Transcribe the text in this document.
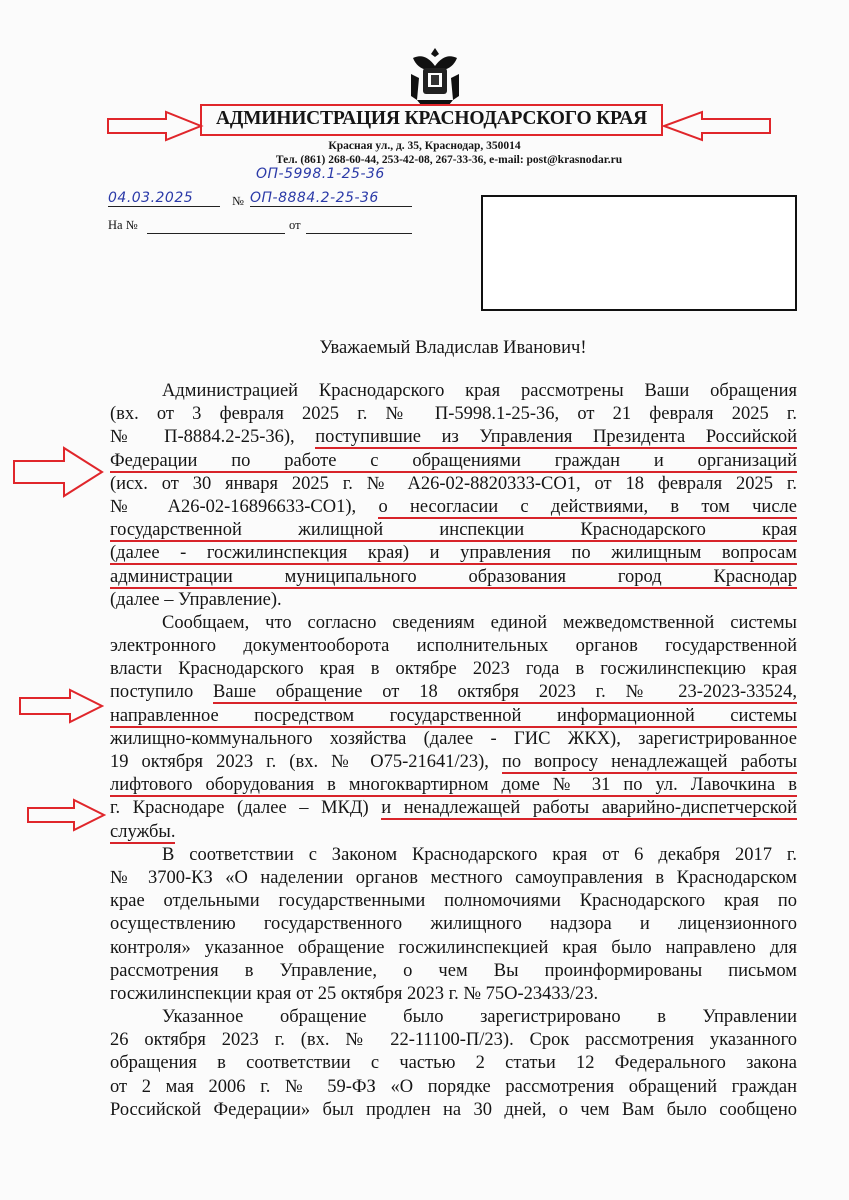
АДМИНИСТРАЦИЯ КРАСНОДАРСКОГО КРАЯ
Красная ул., д. 35, Краснодар, 350014
Тел. (861) 268-60-44, 253-42-08, 267-33-36, e-mail: post@krasnodar.ru
ОП-5998.1-25-36
04.03.2025	№ ОП-8884.2-25-36
На №	от
Уважаемый Владислав Иванович!
Администрацией Краснодарского края рассмотрены Ваши обращения
(вх. от 3 февраля 2025 г. № П-5998.1-25-36, от 21 февраля 2025 г.
№ П-8884.2-25-36), поступившие из Управления Президента Российской
Федерации по работе с обращениями граждан и организаций
(исх. от 30 января 2025 г. № А26-02-8820333-СО1, от 18 февраля 2025 г.
№ А26-02-16896633-СО1), о несогласии с действиями, в том числе
государственной жилищной инспекции Краснодарского края
(далее - госжилинспекция края) и управления по жилищным вопросам
администрации муниципального образования город Краснодар
(далее – Управление).
Сообщаем, что согласно сведениям единой межведомственной системы
электронного документооборота исполнительных органов государственной
власти Краснодарского края в октябре 2023 года в госжилинспекцию края
поступило Ваше обращение от 18 октября 2023 г. № 23-2023-33524,
направленное посредством государственной информационной системы
жилищно-коммунального хозяйства (далее - ГИС ЖКХ), зарегистрированное
19 октября 2023 г. (вх. № О75-21641/23), по вопросу ненадлежащей работы
лифтового оборудования в многоквартирном доме № 31 по ул. Лавочкина в
г. Краснодаре (далее – МКД) и ненадлежащей работы аварийно-диспетчерской
службы.
В соответствии с Законом Краснодарского края от 6 декабря 2017 г.
№ 3700-КЗ «О наделении органов местного самоуправления в Краснодарском
крае отдельными государственными полномочиями Краснодарского края по
осуществлению государственного жилищного надзора и лицензионного
контроля» указанное обращение госжилинспекцией края было направлено для
рассмотрения в Управление, о чем Вы проинформированы письмом
госжилинспекции края от 25 октября 2023 г. № 75О-23433/23.
Указанное обращение было зарегистрировано в Управлении
26 октября 2023 г. (вх. № 22-11100-П/23). Срок рассмотрения указанного
обращения в соответствии с частью 2 статьи 12 Федерального закона
от 2 мая 2006 г. № 59-ФЗ «О порядке рассмотрения обращений граждан
Российской Федерации» был продлен на 30 дней, о чем Вам было сообщено
